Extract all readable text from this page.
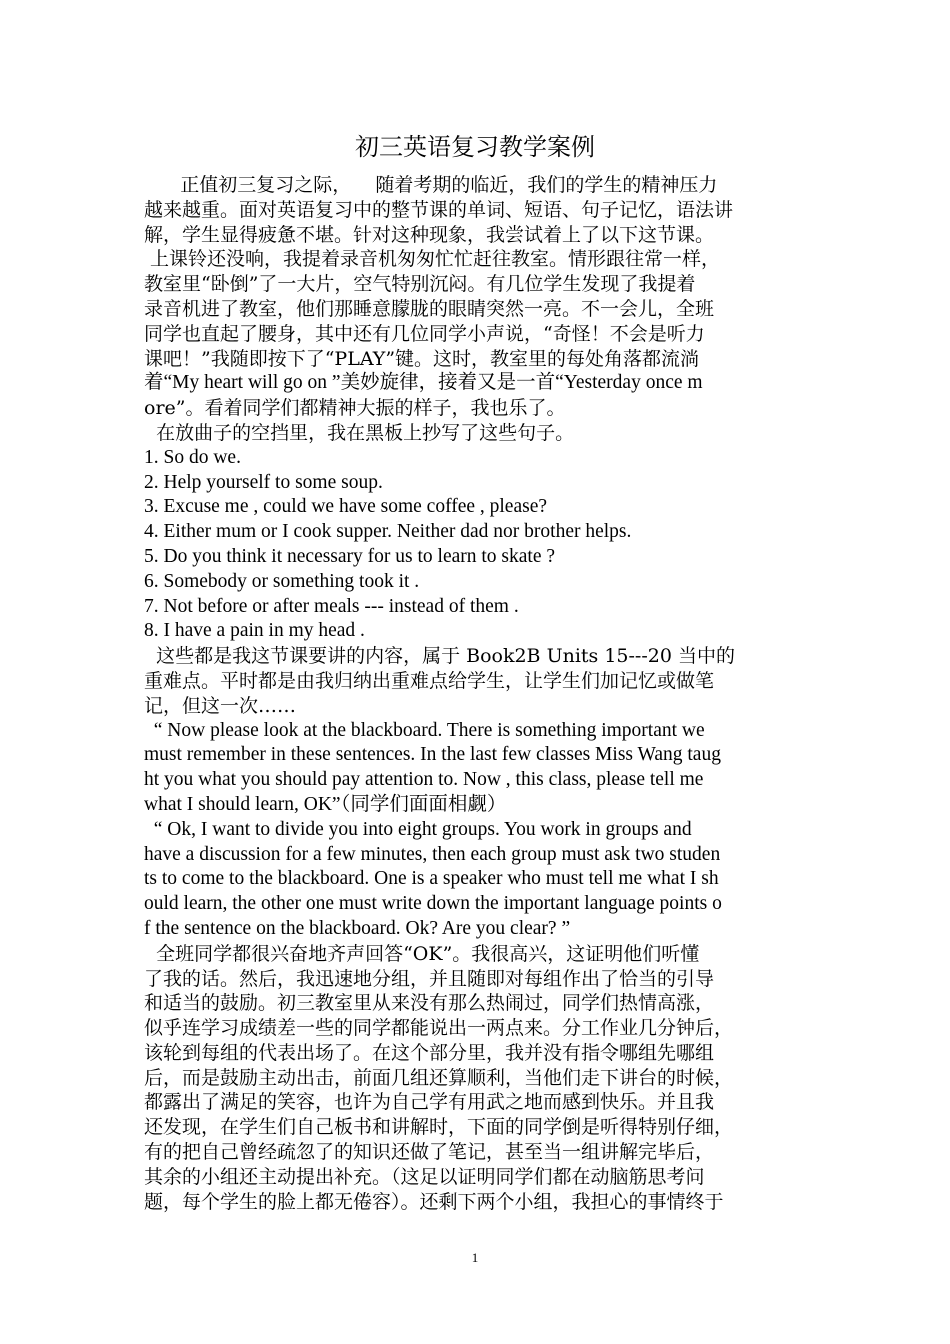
初三英语复习教学案例
正值初三复习之际，    随着考期的临近，我们的学生的精神压力
越来越重。面对英语复习中的整节课的单词、短语、句子记忆，语法讲
解，学生显得疲惫不堪。针对这种现象，我尝试着上了以下这节课。
上课铃还没响，我提着录音机匆匆忙忙赶往教室。情形跟往常一样，
教室里“卧倒”了一大片，空气特别沉闷。有几位学生发现了我提着
录音机进了教室，他们那睡意朦胧的眼睛突然一亮。不一会儿，全班
同学也直起了腰身，其中还有几位同学小声说，“奇怪！不会是听力
课吧！”我随即按下了“PLAY”键。这时，教室里的每处角落都流淌
着“My heart will go on ”美妙旋律，接着又是一首“Yesterday once m
ore”。看着同学们都精神大振的样子，我也乐了。
在放曲子的空挡里，我在黑板上抄写了这些句子。
1. So do we.
2. Help yourself to some soup.
3. Excuse me , could we have some coffee , please?
4. Either mum or I cook supper. Neither dad nor brother helps.
5. Do you think it necessary for us to learn to skate ?
6. Somebody or something took it .
7. Not before or after meals --- instead of them .
8. I have a pain in my head .
这些都是我这节课要讲的内容，属于 Book2B Units 15---20 当中的
重难点。平时都是由我归纳出重难点给学生，让学生们加记忆或做笔
记，但这一次……
“ Now please look at the blackboard. There is something important we
must remember in these sentences. In the last few classes Miss Wang taug
ht you what you should pay attention to. Now , this class, please tell me
what I should learn, OK”（同学们面面相觑）
“ Ok, I want to divide you into eight groups. You work in groups and
have a discussion for a few minutes, then each group must ask two studen
ts to come to the blackboard. One is a speaker who must tell me what I sh
ould learn, the other one must write down the important language points o
f the sentence on the blackboard. Ok? Are you clear? ”
全班同学都很兴奋地齐声回答“OK”。我很高兴，这证明他们听懂
了我的话。然后，我迅速地分组，并且随即对每组作出了恰当的引导
和适当的鼓励。初三教室里从来没有那么热闹过，同学们热情高涨，
似乎连学习成绩差一些的同学都能说出一两点来。分工作业几分钟后，
该轮到每组的代表出场了。在这个部分里，我并没有指令哪组先哪组
后，而是鼓励主动出击，前面几组还算顺利，当他们走下讲台的时候，
都露出了满足的笑容，也许为自己学有用武之地而感到快乐。并且我
还发现，在学生们自己板书和讲解时，下面的同学倒是听得特别仔细，
有的把自己曾经疏忽了的知识还做了笔记，甚至当一组讲解完毕后，
其余的小组还主动提出补充。（这足以证明同学们都在动脑筋思考问
题，每个学生的脸上都无倦容）。还剩下两个小组，我担心的事情终于
1
